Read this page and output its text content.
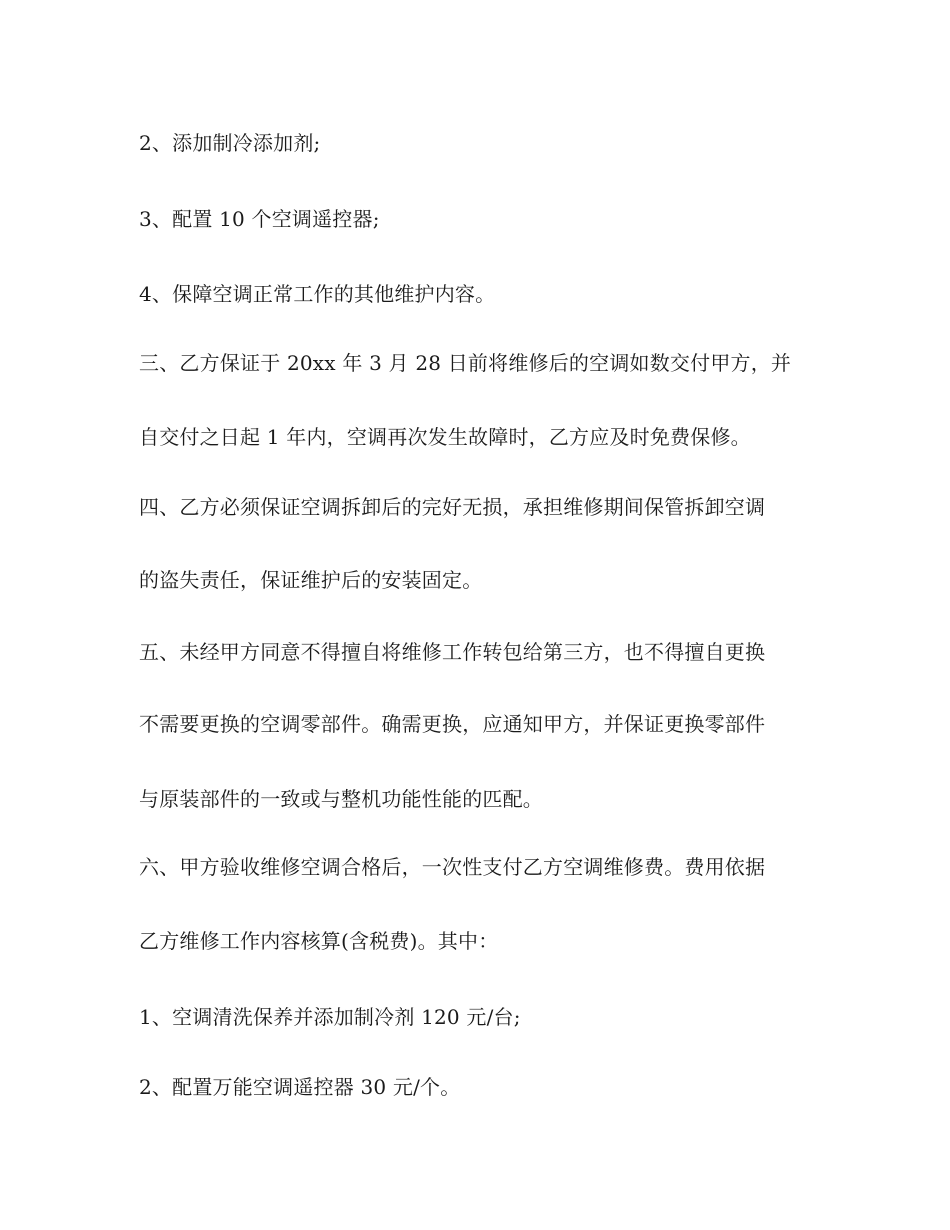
2、添加制冷添加剂;
3、配置 10 个空调遥控器;
4、保障空调正常工作的其他维护内容。
三、乙方保证于 20xx 年 3 月 28 日前将维修后的空调如数交付甲方，并
自交付之日起 1 年内，空调再次发生故障时，乙方应及时免费保修。
四、乙方必须保证空调拆卸后的完好无损，承担维修期间保管拆卸空调
的盗失责任，保证维护后的安装固定。
五、未经甲方同意不得擅自将维修工作转包给第三方，也不得擅自更换
不需要更换的空调零部件。确需更换，应通知甲方，并保证更换零部件
与原装部件的一致或与整机功能性能的匹配。
六、甲方验收维修空调合格后，一次性支付乙方空调维修费。费用依据
乙方维修工作内容核算(含税费)。其中：
1、空调清洗保养并添加制冷剂 120 元/台;
2、配置万能空调遥控器 30 元/个。
